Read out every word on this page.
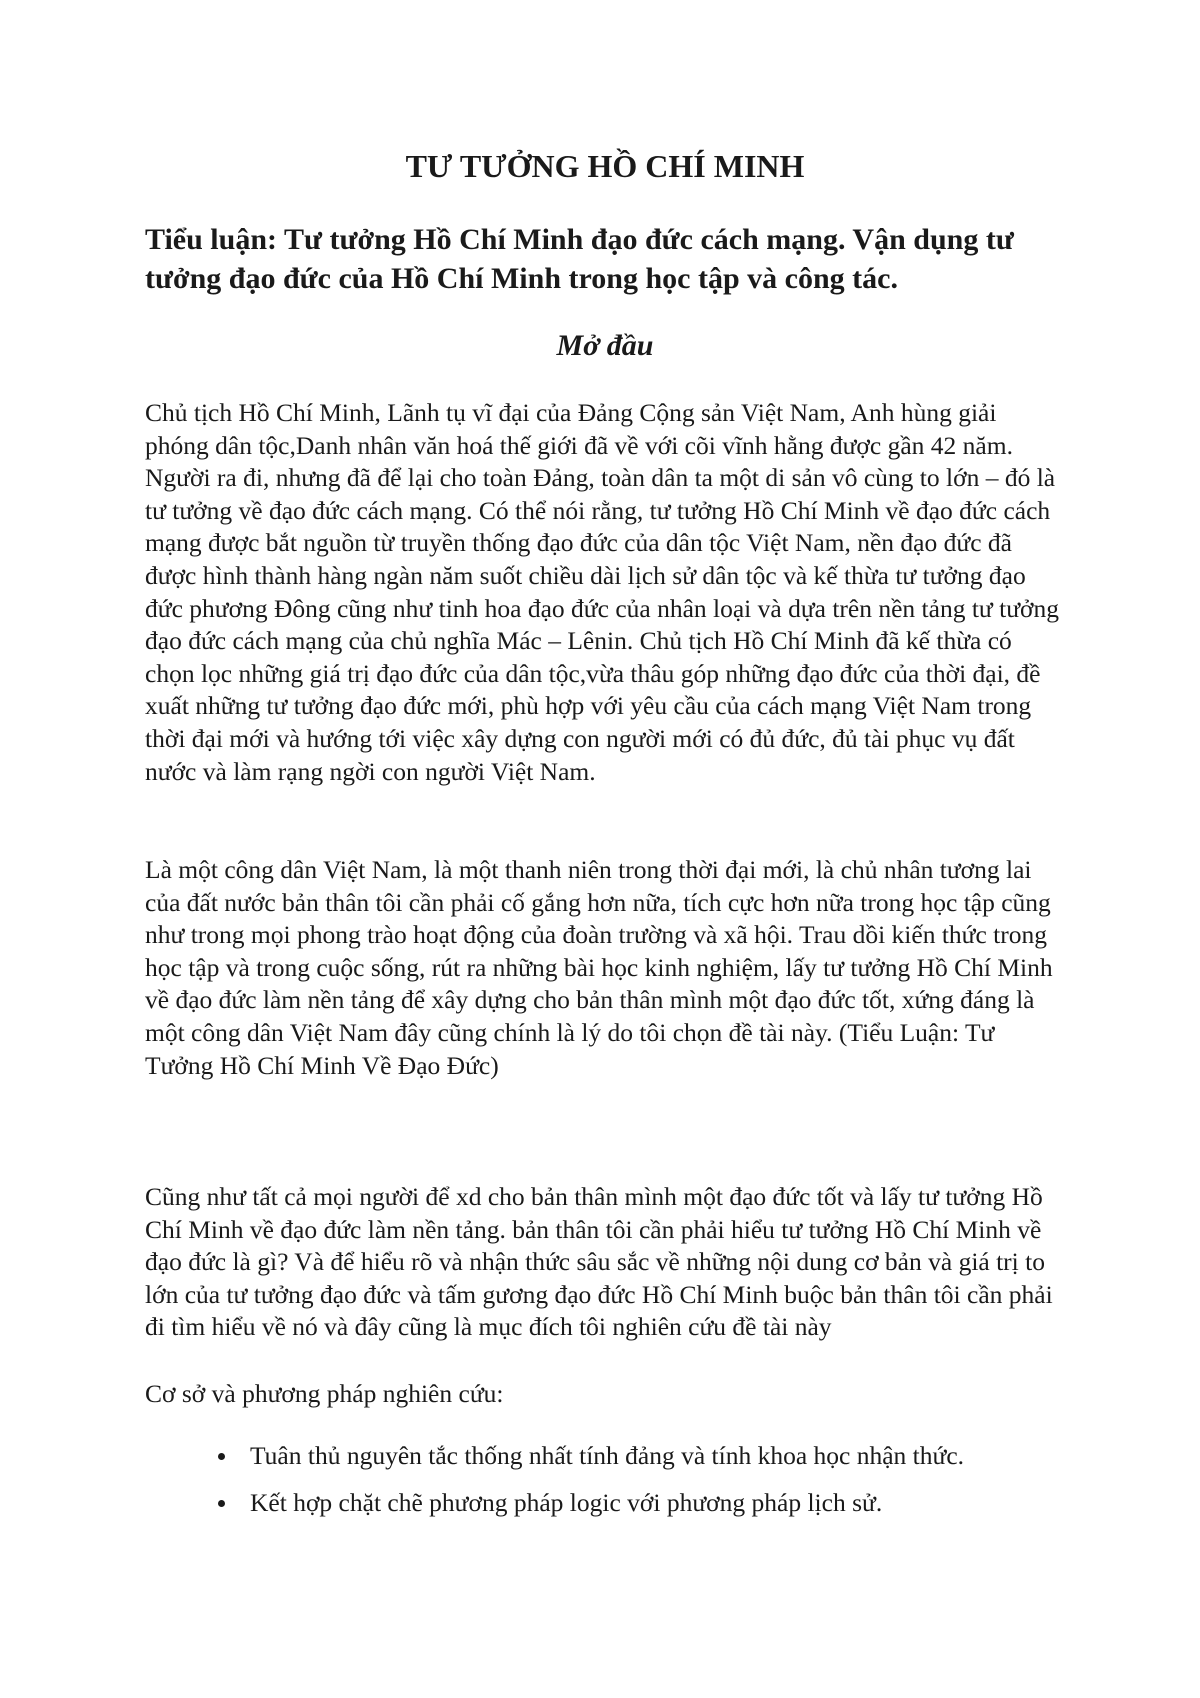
TƯ TƯỞNG HỒ CHÍ MINH
Tiểu luận: Tư tưởng Hồ Chí Minh đạo đức cách mạng. Vận dụng tư tưởng đạo đức của Hồ Chí Minh trong học tập và công tác.
Mở đầu

Chủ tịch Hồ Chí Minh, Lãnh tụ vĩ đại của Đảng Cộng sản Việt Nam, Anh hùng giải phóng dân tộc,Danh nhân văn hoá thế giới đã về với cõi vĩnh hằng được gần 42 năm. Người ra đi, nhưng đã để lại cho toàn Đảng, toàn dân ta một di sản vô cùng to lớn – đó là tư tưởng về đạo đức cách mạng. Có thể nói rằng, tư tưởng Hồ Chí Minh về đạo đức cách mạng được bắt nguồn từ truyền thống đạo đức của dân tộc Việt Nam, nền đạo đức đã được hình thành hàng ngàn năm suốt chiều dài lịch sử dân tộc và kế thừa tư tưởng đạo đức phương Đông cũng như tinh hoa đạo đức của nhân loại và dựa trên nền tảng tư tưởng đạo đức cách mạng của chủ nghĩa Mác – Lênin. Chủ tịch Hồ Chí Minh đã kế thừa có chọn lọc những giá trị đạo đức của dân tộc,vừa thâu góp những đạo đức của thời đại, đề xuất những tư tưởng đạo đức mới, phù hợp với yêu cầu của cách mạng Việt Nam trong thời đại mới và hướng tới việc xây dựng con người mới có đủ đức, đủ tài phục vụ đất nước và làm rạng ngời con người Việt Nam.

Là một công dân Việt Nam, là một thanh niên trong thời đại mới, là chủ nhân tương lai của đất nước bản thân tôi cần phải cố gắng hơn nữa, tích cực hơn nữa trong học tập cũng như trong mọi phong trào hoạt động của đoàn trường và xã hội. Trau dồi kiến thức trong học tập và trong cuộc sống, rút ra những bài học kinh nghiệm, lấy tư tưởng Hồ Chí Minh về đạo đức làm nền tảng để xây dựng cho bản thân mình một đạo đức tốt, xứng đáng là một công dân Việt Nam đây cũng chính là lý do tôi chọn đề tài này. (Tiểu Luận: Tư Tưởng Hồ Chí Minh Về Đạo Đức)

Cũng như tất cả mọi người để xd cho bản thân mình một đạo đức tốt và lấy tư tưởng Hồ Chí Minh về đạo đức làm nền tảng. bản thân tôi cần phải hiểu tư tưởng Hồ Chí Minh về đạo đức là gì? Và để hiểu rõ và nhận thức sâu sắc về những nội dung cơ bản và giá trị to lớn của tư tưởng đạo đức và tấm gương đạo đức Hồ Chí Minh buộc bản thân tôi cần phải đi tìm hiểu về nó và đây cũng là mục đích tôi nghiên cứu đề tài này

Cơ sở và phương pháp nghiên cứu:

Tuân thủ nguyên tắc thống nhất tính đảng và tính khoa học nhận thức.
Kết hợp chặt chẽ phương pháp logic với phương pháp lịch sử.
